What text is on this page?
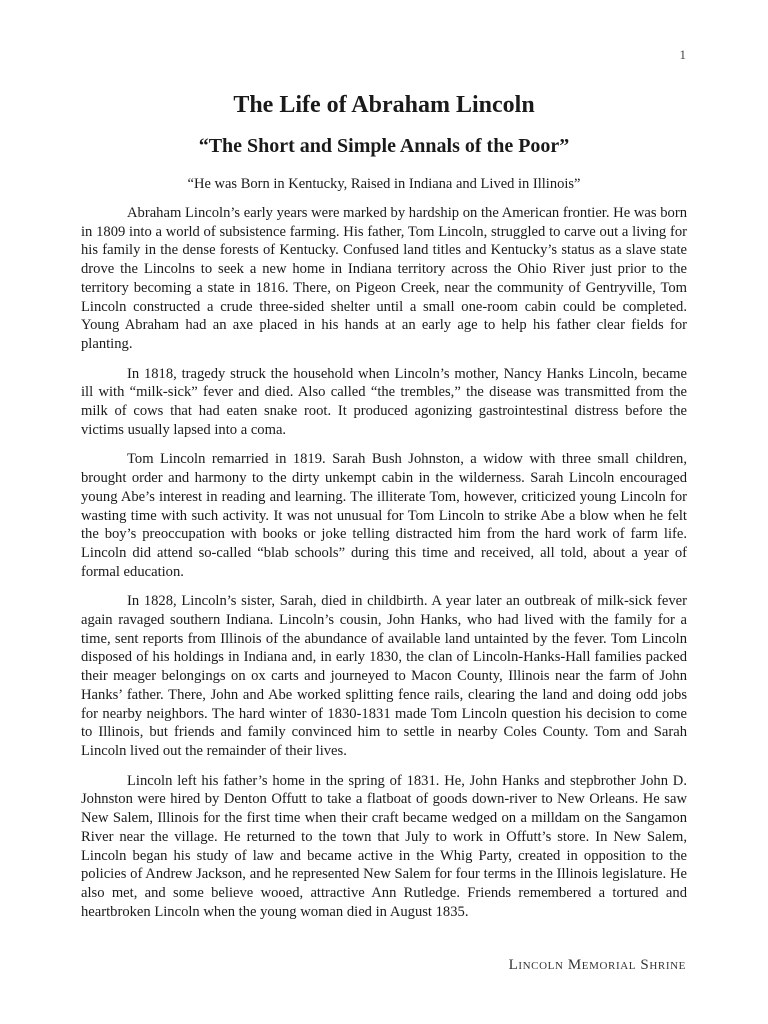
1
The Life of Abraham Lincoln
“The Short and Simple Annals of the Poor”

“He was Born in Kentucky, Raised in Indiana and Lived in Illinois”

Abraham Lincoln’s early years were marked by hardship on the American frontier. He was born in 1809 into a world of subsistence farming. His father, Tom Lincoln, struggled to carve out a living for his family in the dense forests of Kentucky. Confused land titles and Kentucky’s status as a slave state drove the Lincolns to seek a new home in Indiana territory across the Ohio River just prior to the territory becoming a state in 1816. There, on Pigeon Creek, near the community of Gentryville, Tom Lincoln constructed a crude three-sided shelter until a small one-room cabin could be completed. Young Abraham had an axe placed in his hands at an early age to help his father clear fields for planting.

In 1818, tragedy struck the household when Lincoln’s mother, Nancy Hanks Lincoln, became ill with “milk-sick” fever and died. Also called “the trembles,” the disease was transmitted from the milk of cows that had eaten snake root. It produced agonizing gastrointestinal distress before the victims usually lapsed into a coma.

Tom Lincoln remarried in 1819. Sarah Bush Johnston, a widow with three small children, brought order and harmony to the dirty unkempt cabin in the wilderness. Sarah Lincoln encouraged young Abe’s interest in reading and learning. The illiterate Tom, however, criticized young Lincoln for wasting time with such activity. It was not unusual for Tom Lincoln to strike Abe a blow when he felt the boy’s preoccupation with books or joke telling distracted him from the hard work of farm life. Lincoln did attend so-called “blab schools” during this time and received, all told, about a year of formal education.

In 1828, Lincoln’s sister, Sarah, died in childbirth. A year later an outbreak of milk-sick fever again ravaged southern Indiana. Lincoln’s cousin, John Hanks, who had lived with the family for a time, sent reports from Illinois of the abundance of available land untainted by the fever. Tom Lincoln disposed of his holdings in Indiana and, in early 1830, the clan of Lincoln-Hanks-Hall families packed their meager belongings on ox carts and journeyed to Macon County, Illinois near the farm of John Hanks’ father. There, John and Abe worked splitting fence rails, clearing the land and doing odd jobs for nearby neighbors. The hard winter of 1830-1831 made Tom Lincoln question his decision to come to Illinois, but friends and family convinced him to settle in nearby Coles County. Tom and Sarah Lincoln lived out the remainder of their lives.

Lincoln left his father’s home in the spring of 1831. He, John Hanks and stepbrother John D. Johnston were hired by Denton Offutt to take a flatboat of goods down-river to New Orleans. He saw New Salem, Illinois for the first time when their craft became wedged on a milldam on the Sangamon River near the village. He returned to the town that July to work in Offutt’s store. In New Salem, Lincoln began his study of law and became active in the Whig Party, created in opposition to the policies of Andrew Jackson, and he represented New Salem for four terms in the Illinois legislature. He also met, and some believe wooed, attractive Ann Rutledge. Friends remembered a tortured and heartbroken Lincoln when the young woman died in August 1835.

Lincoln Memorial Shrine
